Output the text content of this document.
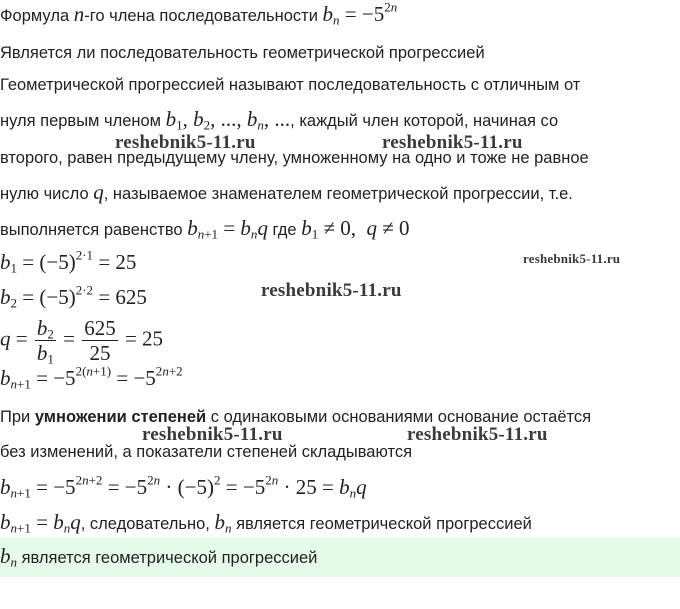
Формула n-го члена последовательности $b_n = -5^{2n}$
Является ли последовательность геометрической прогрессией
Геометрической прогрессией называют последовательность с отличным от
нуля первым членом $b_1$, $b_2$, ..., $b_n$, ..., каждый член которой, начиная со
второго, равен предыдущему члену, умноженному на одно и тоже не равное
нулю число q, называемое знаменателем геометрической прогрессии, т.е.
выполняется равенство $b_{n+1} = b_nq$ где $b_1 \ne 0$,  q ≠ 0
$b_1 = (-5)^{2\cdot 1} = 25$
$b_2 = (-5)^{2\cdot 2} = 625$
$q = \frac{b_2}{b_1} = \frac{625}{25} = 25$
$b_{n+1} = -5^{2(n+1)} = -5^{2n+2}$
При умножении степеней с одинаковыми основаниями основание остаётся
без изменений, а показатели степеней складываются
$b_{n+1} = -5^{2n+2} = -5^{2n} \cdot (-5)^2 = -5^{2n} \cdot 25 = b_nq$
$b_{n+1} = b_nq$, следовательно, $b_n$ является геометрической прогрессией
$b_n$ является геометрической прогрессией
reshebnik5-11.ru	reshebnik5-11.ru
reshebnik5-11.ru
reshebnik5-11.ru
reshebnik5-11.ru	reshebnik5-11.ru
